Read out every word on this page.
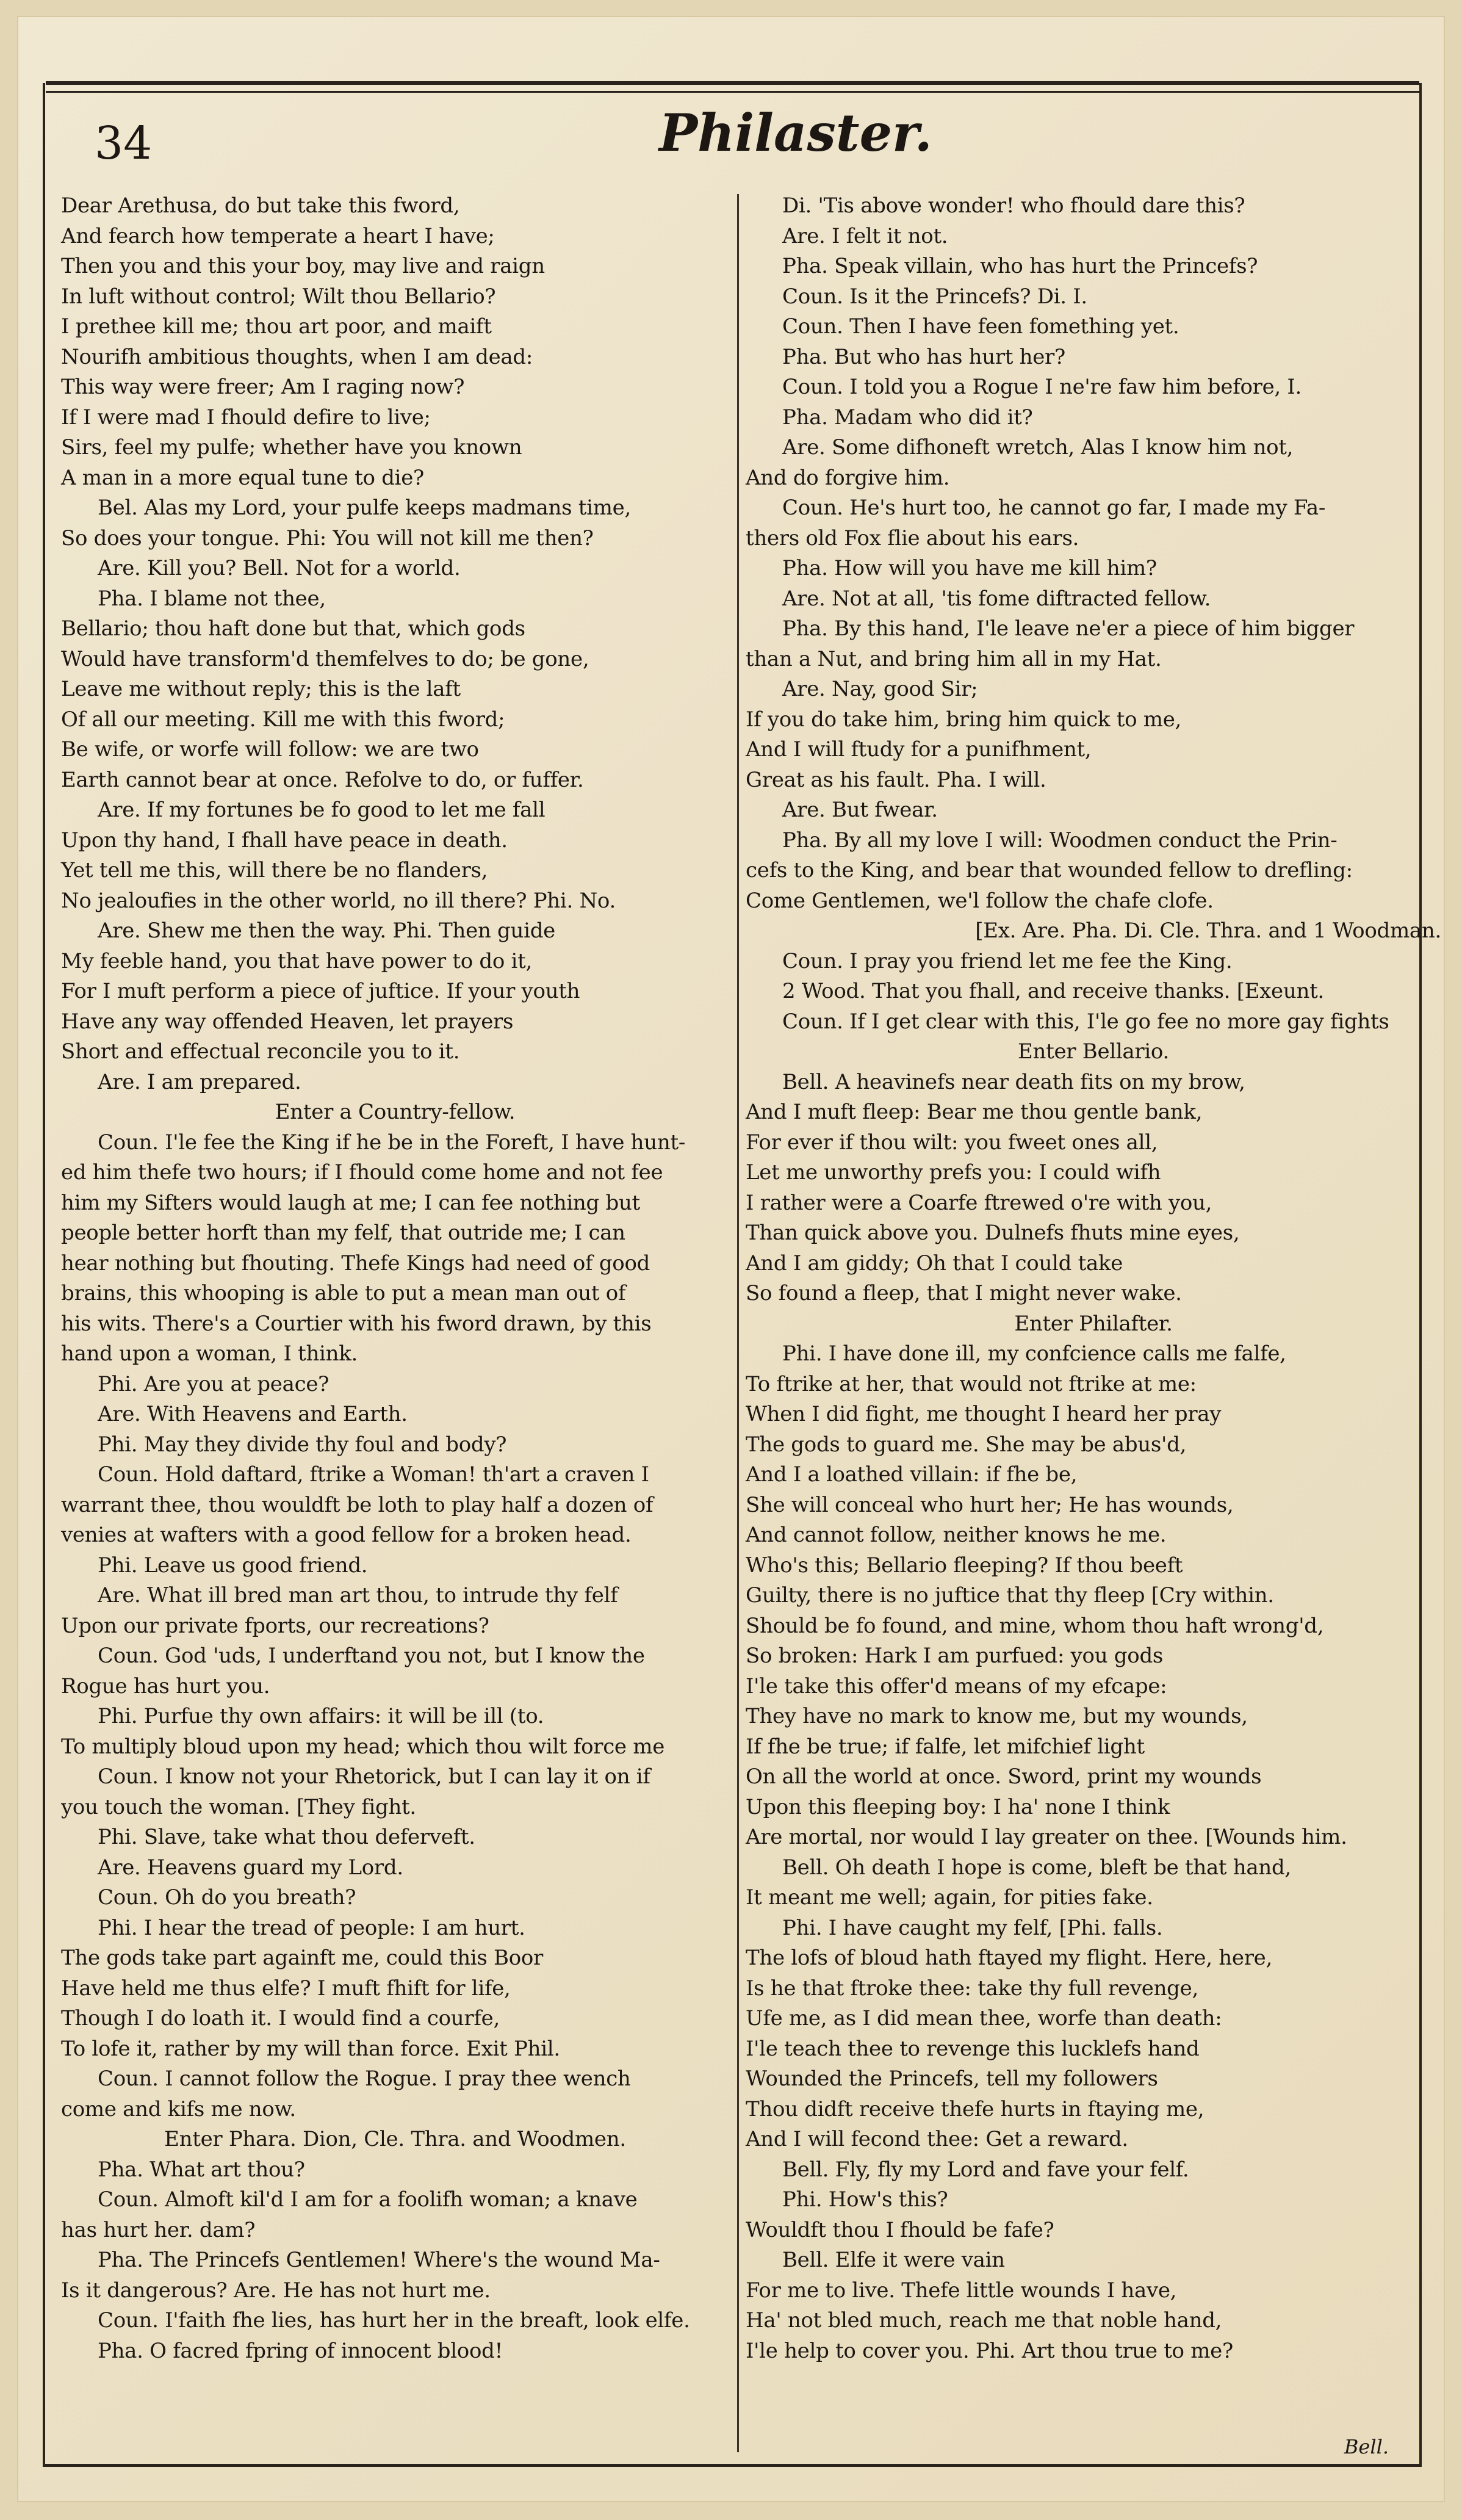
34	Philaster.
Dear Arethusa, do but take this fword,
And fearch how temperate a heart I have;
Then you and this your boy, may live and raign
In luft without control; Wilt thou Bellario?
I prethee kill me; thou art poor, and maift
Nourifh ambitious thoughts, when I am dead:
This way were freer; Am I raging now?
If I were mad I fhould defire to live;
Sirs, feel my pulfe; whether have you known
A man in a more equal tune to die?
Bel. Alas my Lord, your pulfe keeps madmans time,
So does your tongue. Phi: You will not kill me then?
Are. Kill you? Bell. Not for a world.
Pha. I blame not thee,
Bellario; thou haft done but that, which gods
Would have transform'd themfelves to do; be gone,
Leave me without reply; this is the laft
Of all our meeting. Kill me with this fword;
Be wife, or worfe will follow: we are two
Earth cannot bear at once. Refolve to do, or fuffer.
Are. If my fortunes be fo good to let me fall
Upon thy hand, I fhall have peace in death.
Yet tell me this, will there be no flanders,
No jealoufies in the other world, no ill there? Phi. No.
Are. Shew me then the way. Phi. Then guide
My feeble hand, you that have power to do it,
For I muft perform a piece of juftice. If your youth
Have any way offended Heaven, let prayers
Short and effectual reconcile you to it.
Are. I am prepared.
Enter a Country-fellow.
Coun. I'le fee the King if he be in the Foreft, I have hunt-
ed him thefe two hours; if I fhould come home and not fee
him my Sifters would laugh at me; I can fee nothing but
people better horft than my felf, that outride me; I can
hear nothing but fhouting. Thefe Kings had need of good
brains, this whooping is able to put a mean man out of
his wits. There's a Courtier with his fword drawn, by this
hand upon a woman, I think.
Phi. Are you at peace?
Are. With Heavens and Earth.
Phi. May they divide thy foul and body?
Coun. Hold daftard, ftrike a Woman! th'art a craven I
warrant thee, thou wouldft be loth to play half a dozen of
venies at wafters with a good fellow for a broken head.
Phi. Leave us good friend.
Are. What ill bred man art thou, to intrude thy felf
Upon our private fports, our recreations?
Coun. God 'uds, I underftand you not, but I know the
Rogue has hurt you.
Phi. Purfue thy own affairs: it will be ill (to.
To multiply bloud upon my head; which thou wilt force me
Coun. I know not your Rhetorick, but I can lay it on if
you touch the woman. [They fight.
Phi. Slave, take what thou deferveft.
Are. Heavens guard my Lord.
Coun. Oh do you breath?
Phi. I hear the tread of people: I am hurt.
The gods take part againft me, could this Boor
Have held me thus elfe? I muft fhift for life,
Though I do loath it. I would find a courfe,
To lofe it, rather by my will than force. Exit Phil.
Coun. I cannot follow the Rogue. I pray thee wench
come and kifs me now.
Enter Phara. Dion, Cle. Thra. and Woodmen.
Pha. What art thou?
Coun. Almoft kil'd I am for a foolifh woman; a knave
has hurt her. dam?
Pha. The Princefs Gentlemen! Where's the wound Ma-
Is it dangerous? Are. He has not hurt me.
Coun. I'faith fhe lies, has hurt her in the breaft, look elfe.
Pha. O facred fpring of innocent blood!
Di. 'Tis above wonder! who fhould dare this?
Are. I felt it not.
Pha. Speak villain, who has hurt the Princefs?
Coun. Is it the Princefs? Di. I.
Coun. Then I have feen fomething yet.
Pha. But who has hurt her?
Coun. I told you a Rogue I ne're faw him before, I.
Pha. Madam who did it?
Are. Some difhoneft wretch, Alas I know him not,
And do forgive him.
Coun. He's hurt too, he cannot go far, I made my Fa-
thers old Fox flie about his ears.
Pha. How will you have me kill him?
Are. Not at all, 'tis fome diftracted fellow.
Pha. By this hand, I'le leave ne'er a piece of him bigger
than a Nut, and bring him all in my Hat.
Are. Nay, good Sir;
If you do take him, bring him quick to me,
And I will ftudy for a punifhment,
Great as his fault. Pha. I will.
Are. But fwear.
Pha. By all my love I will: Woodmen conduct the Prin-
cefs to the King, and bear that wounded fellow to drefling:
Come Gentlemen, we'l follow the chafe clofe.
[Ex. Are. Pha. Di. Cle. Thra. and 1 Woodman.
Coun. I pray you friend let me fee the King.
2 Wood. That you fhall, and receive thanks. [Exeunt.
Coun. If I get clear with this, I'le go fee no more gay fights
Enter Bellario.
Bell. A heavinefs near death fits on my brow,
And I muft fleep: Bear me thou gentle bank,
For ever if thou wilt: you fweet ones all,
Let me unworthy prefs you: I could wifh
I rather were a Coarfe ftrewed o're with you,
Than quick above you. Dulnefs fhuts mine eyes,
And I am giddy; Oh that I could take
So found a fleep, that I might never wake.
Enter Philafter.
Phi. I have done ill, my confcience calls me falfe,
To ftrike at her, that would not ftrike at me:
When I did fight, me thought I heard her pray
The gods to guard me. She may be abus'd,
And I a loathed villain: if fhe be,
She will conceal who hurt her; He has wounds,
And cannot follow, neither knows he me.
Who's this; Bellario fleeping? If thou beeft
Guilty, there is no juftice that thy fleep [Cry within.
Should be fo found, and mine, whom thou haft wrong'd,
So broken: Hark I am purfued: you gods
I'le take this offer'd means of my efcape:
They have no mark to know me, but my wounds,
If fhe be true; if falfe, let mifchief light
On all the world at once. Sword, print my wounds
Upon this fleeping boy: I ha' none I think
Are mortal, nor would I lay greater on thee. [Wounds him.
Bell. Oh death I hope is come, bleft be that hand,
It meant me well; again, for pities fake.
Phi. I have caught my felf, [Phi. falls.
The lofs of bloud hath ftayed my flight. Here, here,
Is he that ftroke thee: take thy full revenge,
Ufe me, as I did mean thee, worfe than death:
I'le teach thee to revenge this lucklefs hand
Wounded the Princefs, tell my followers
Thou didft receive thefe hurts in ftaying me,
And I will fecond thee: Get a reward.
Bell. Fly, fly my Lord and fave your felf.
Phi. How's this?
Wouldft thou I fhould be fafe?
Bell. Elfe it were vain
For me to live. Thefe little wounds I have,
Ha' not bled much, reach me that noble hand,
I'le help to cover you. Phi. Art thou true to me?
Bell.
